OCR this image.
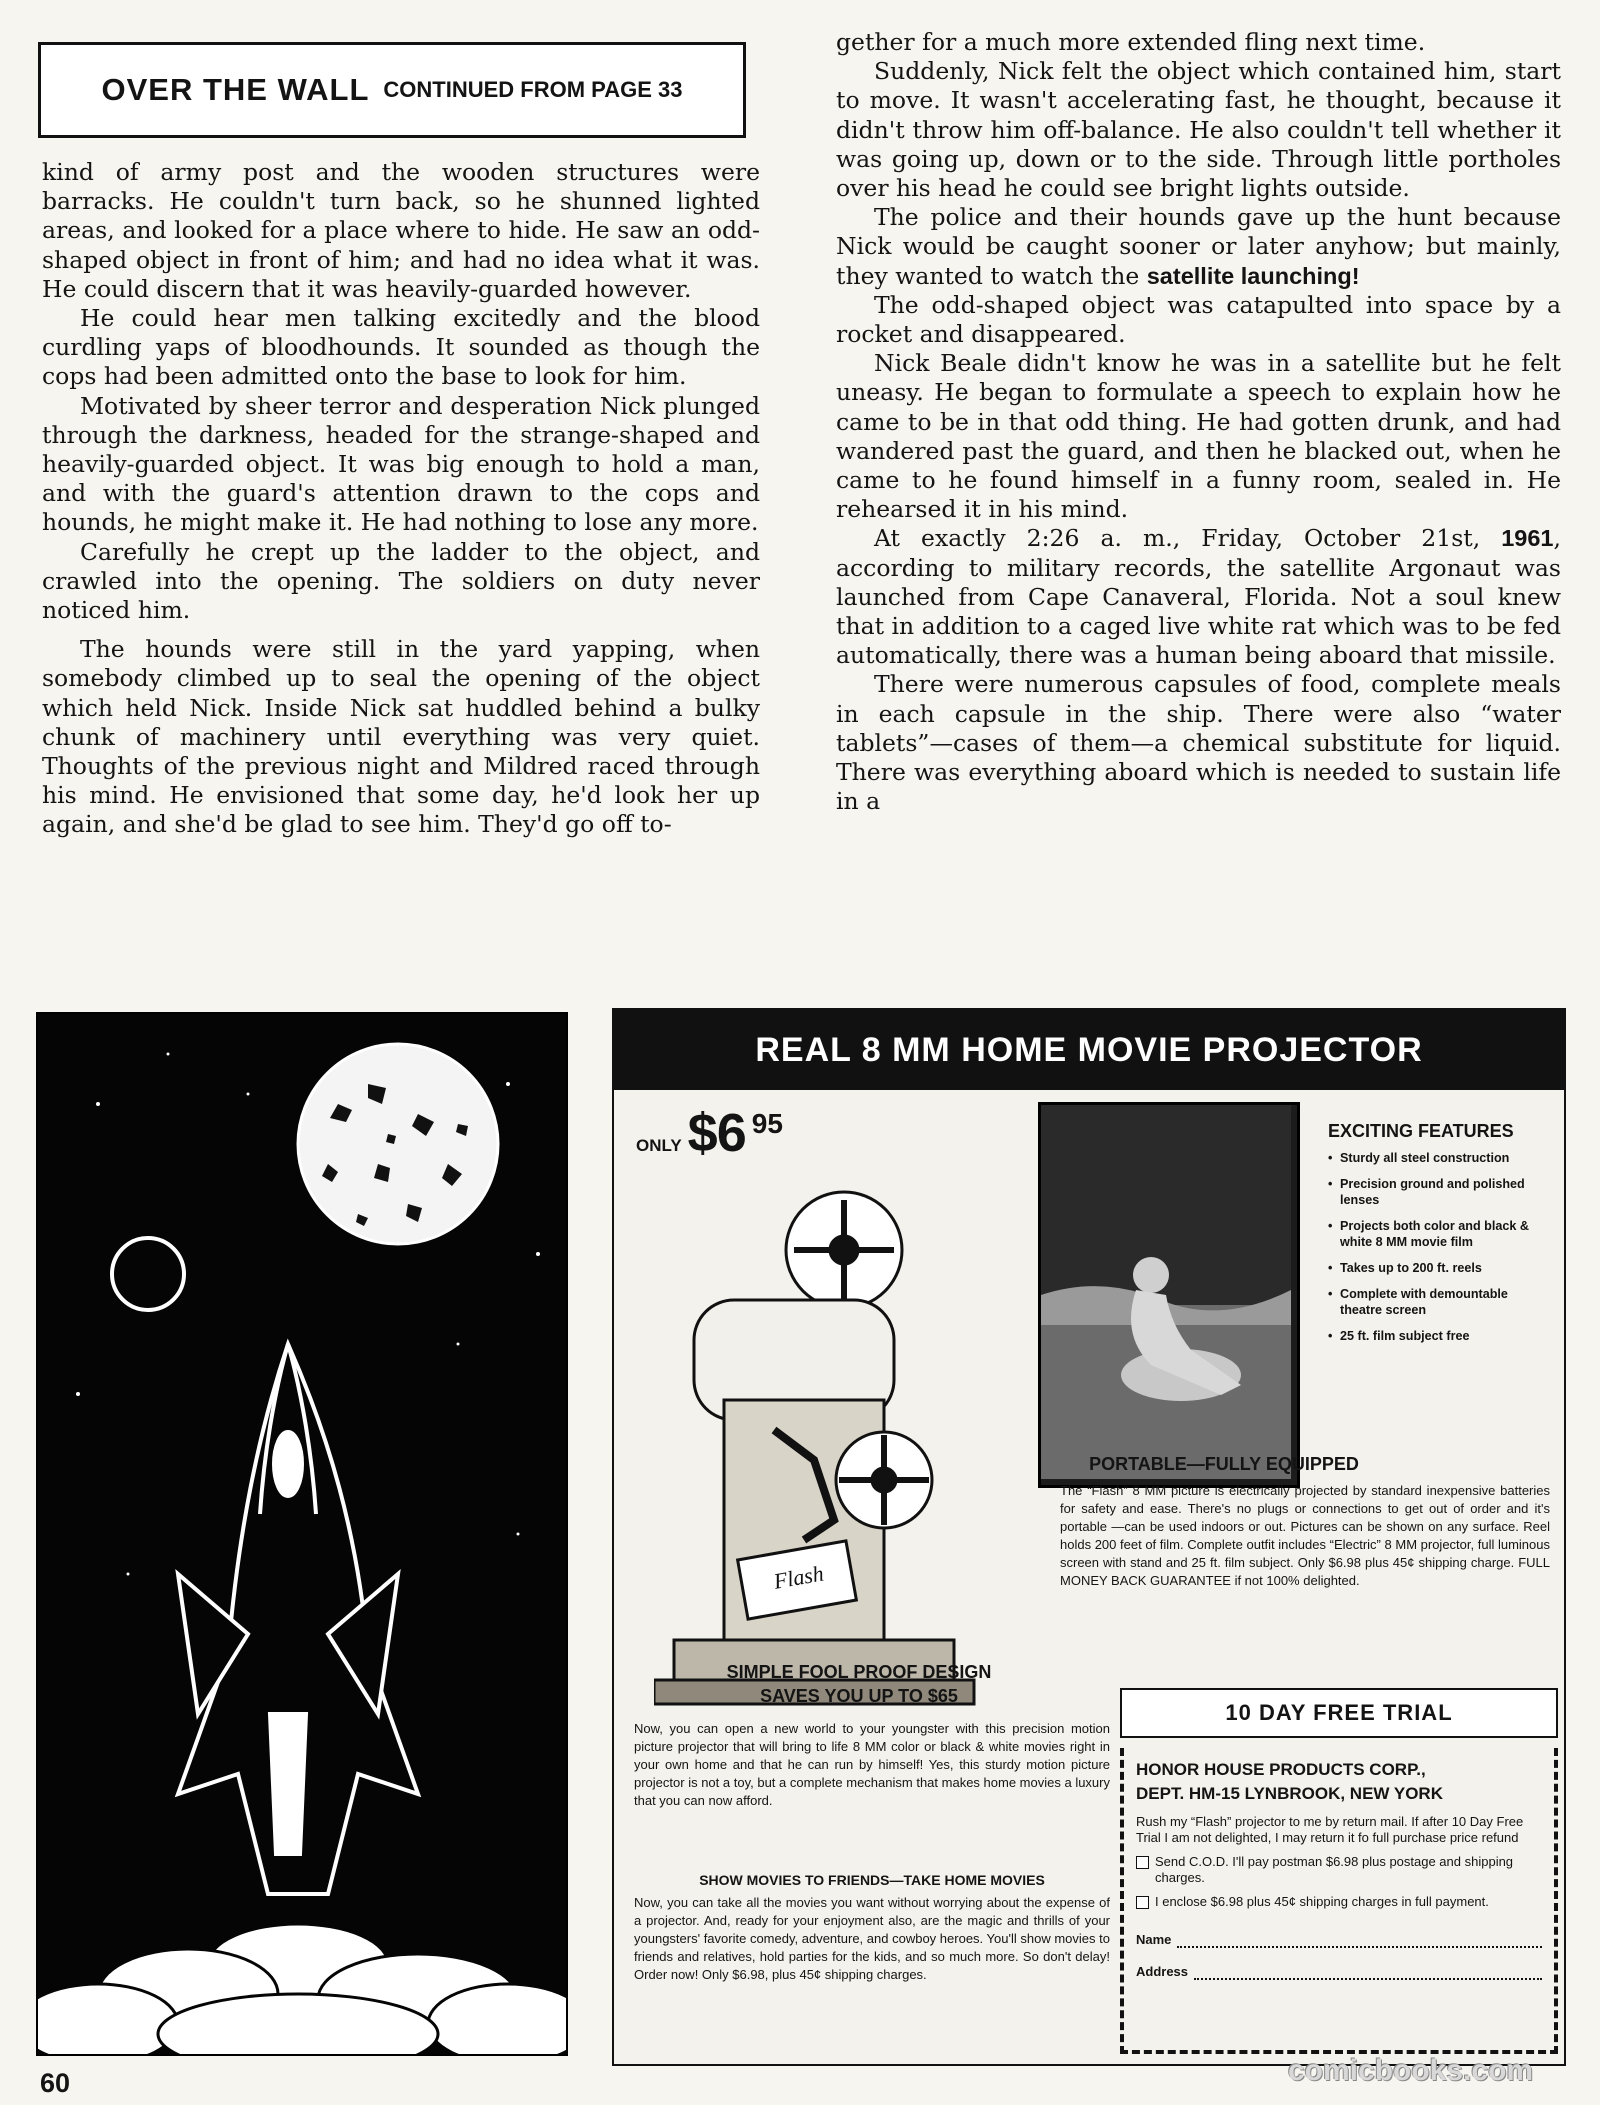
OVER THE WALL CONTINUED FROM PAGE 33

kind of army post and the wooden structures were barracks. He couldn't turn back, so he shunned lighted areas, and looked for a place where to hide. He saw an odd-shaped object in front of him; and had no idea what it was. He could discern that it was heavily-guarded however.

He could hear men talking excitedly and the blood curdling yaps of bloodhounds. It sounded as though the cops had been admitted onto the base to look for him.

Motivated by sheer terror and desperation Nick plunged through the darkness, headed for the strange-shaped and heavily-guarded object. It was big enough to hold a man, and with the guard's attention drawn to the cops and hounds, he might make it. He had nothing to lose any more.

Carefully he crept up the ladder to the object, and crawled into the opening. The soldiers on duty never noticed him.

The hounds were still in the yard yapping, when somebody climbed up to seal the opening of the object which held Nick. Inside Nick sat huddled behind a bulky chunk of machinery until everything was very quiet. Thoughts of the previous night and Mildred raced through his mind. He envisioned that some day, he'd look her up again, and she'd be glad to see him. They'd go off to-

gether for a much more extended fling next time.

Suddenly, Nick felt the object which contained him, start to move. It wasn't accelerating fast, he thought, because it didn't throw him off-balance. He also couldn't tell whether it was going up, down or to the side. Through little portholes over his head he could see bright lights outside.

The police and their hounds gave up the hunt because Nick would be caught sooner or later anyhow; but mainly, they wanted to watch the satellite launching!

The odd-shaped object was catapulted into space by a rocket and disappeared.

Nick Beale didn't know he was in a satellite but he felt uneasy. He began to formulate a speech to explain how he came to be in that odd thing. He had gotten drunk, and had wandered past the guard, and then he blacked out, when he came to he found himself in a funny room, sealed in. He rehearsed it in his mind.

At exactly 2:26 a. m., Friday, October 21st, 1961, according to military records, the satellite Argonaut was launched from Cape Canaveral, Florida. Not a soul knew that in addition to a caged live white rat which was to be fed automatically, there was a human being aboard that missile.

There were numerous capsules of food, complete meals in each capsule in the ship. There were also “water tablets”—cases of them—a chemical substitute for liquid. There was everything aboard which is needed to sustain life in a

REAL 8 MM HOME MOVIE PROJECTOR
ONLY $6 95
Flash
EXCITING FEATURES
• Sturdy all steel construction
• Precision ground and polished lenses
• Projects both color and black & white 8 MM movie film
• Takes up to 200 ft. reels
• Complete with demountable theatre screen
• 25 ft. film subject free
PORTABLE—FULLY EQUIPPED
The “Flash” 8 MM picture is electrically projected by standard inexpensive batteries for safety and ease. There's no plugs or connections to get out of order and it's portable —can be used indoors or out. Pictures can be shown on any surface. Reel holds 200 feet of film. Complete outfit includes “Electric” 8 MM projector, full luminous screen with stand and 25 ft. film subject. Only $6.98 plus 45¢ shipping charge. FULL MONEY BACK GUARANTEE if not 100% delighted.
SIMPLE FOOL PROOF DESIGN
SAVES YOU UP TO $65
Now, you can open a new world to your youngster with this precision motion picture projector that will bring to life 8 MM color or black & white movies right in your own home and that he can run by himself! Yes, this sturdy motion picture projector is not a toy, but a complete mechanism that makes home movies a luxury that you can now afford.
SHOW MOVIES TO FRIENDS—TAKE HOME MOVIES
Now, you can take all the movies you want without worrying about the expense of a projector. And, ready for your enjoyment also, are the magic and thrills of your youngsters' favorite comedy, adventure, and cowboy heroes. You'll show movies to friends and relatives, hold parties for the kids, and so much more. So don't delay! Order now! Only $6.98, plus 45¢ shipping charges.
10 DAY FREE TRIAL
HONOR HOUSE PRODUCTS CORP.,
DEPT. HM-15 LYNBROOK, NEW YORK
Rush my “Flash” projector to me by return mail. If after 10 Day Free Trial I am not delighted, I may return it fo full purchase price refund
Send C.O.D. I'll pay postman $6.98 plus postage and shipping charges.
I enclose $6.98 plus 45¢ shipping charges in full payment.
Name
Address
60	comicbooks.com
